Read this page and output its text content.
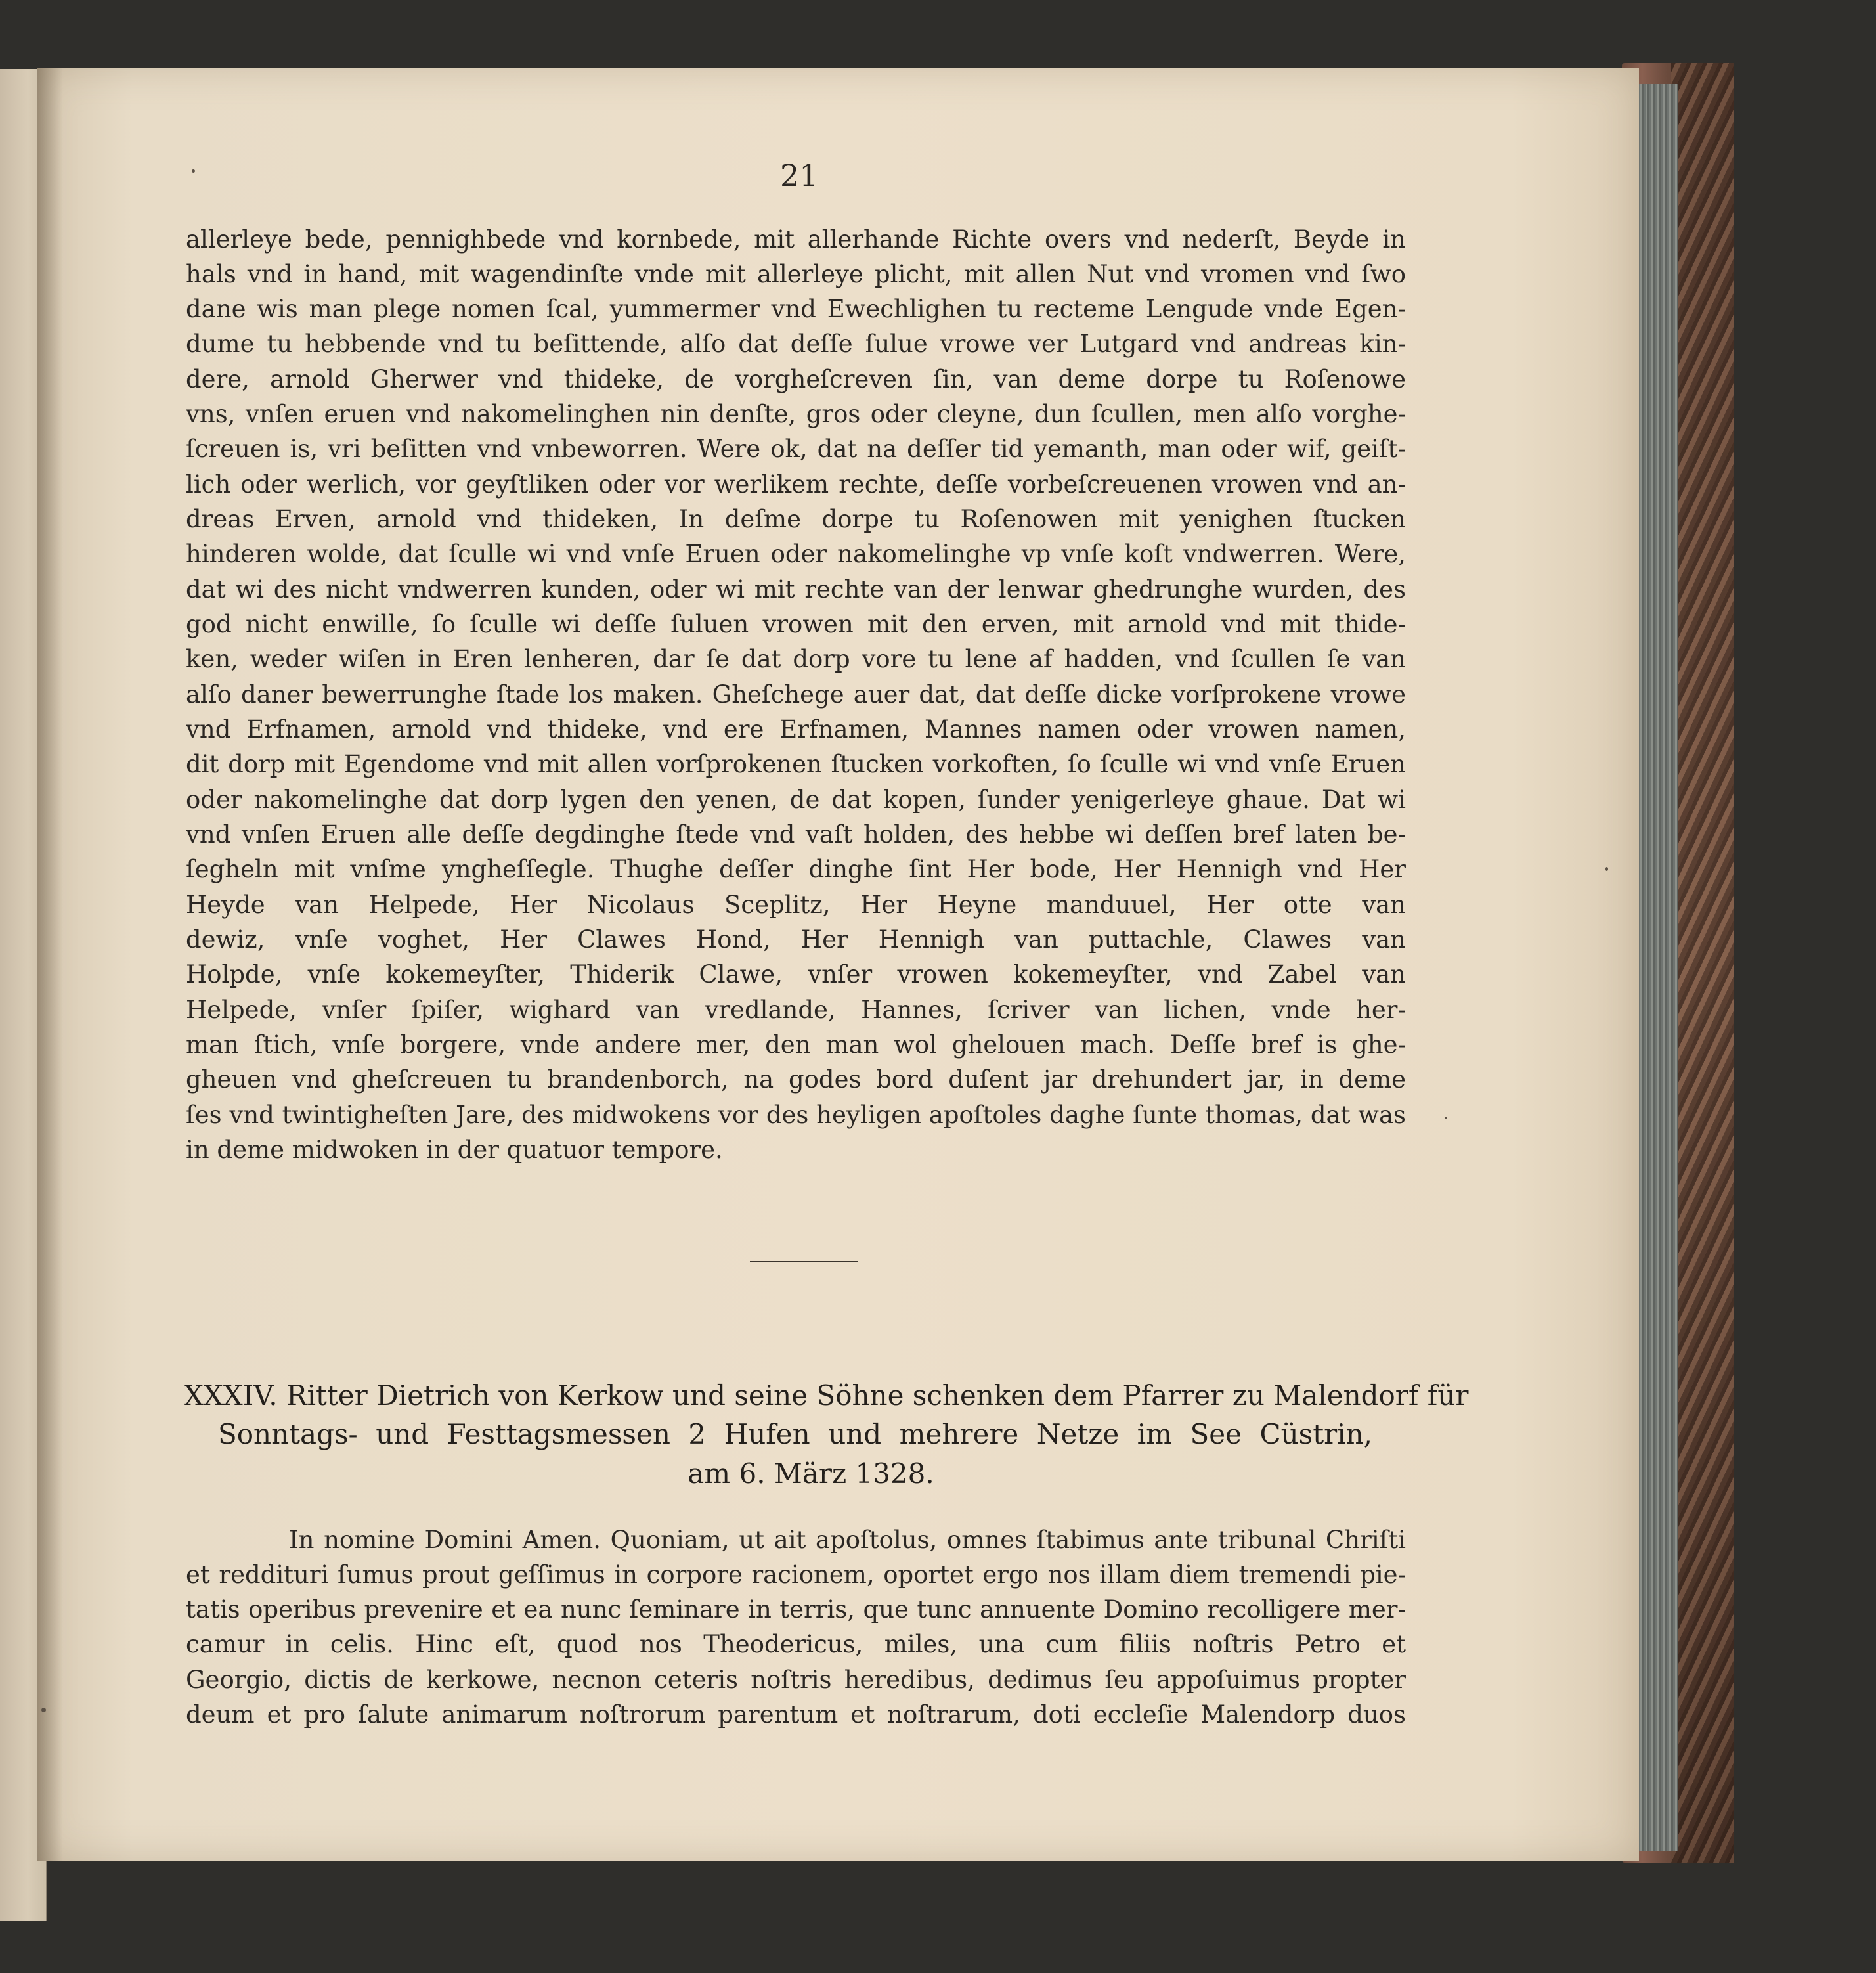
21

allerleye bede, pennighbede vnd kornbede, mit allerhande Richte overs vnd nederſt, Beyde in

hals vnd in hand, mit wagendinſte vnde mit allerleye plicht, mit allen Nut vnd vromen vnd ſwo

dane wis man plege nomen ſcal, yummermer vnd Ewechlighen tu recteme Lengude vnde Egen-

dume tu hebbende vnd tu beſittende, alſo dat deſſe ſulue vrowe ver Lutgard vnd andreas kin-

dere, arnold Gherwer vnd thideke, de vorgheſcreven ſin, van deme dorpe tu Roſenowe

vns, vnſen eruen vnd nakomelinghen nin denſte, gros oder cleyne, dun ſcullen, men alſo vorghe-

ſcreuen is, vri beſitten vnd vnbeworren. Were ok, dat na deſſer tid yemanth, man oder wif, geiſt-

lich oder werlich, vor geyſtliken oder vor werlikem rechte, deſſe vorbeſcreuenen vrowen vnd an-

dreas Erven, arnold vnd thideken, In deſme dorpe tu Roſenowen mit yenighen ſtucken

hinderen wolde, dat ſculle wi vnd vnſe Eruen oder nakomelinghe vp vnſe koſt vndwerren. Were,

dat wi des nicht vndwerren kunden, oder wi mit rechte van der lenwar ghedrunghe wurden, des

god nicht enwille, ſo ſculle wi deſſe ſuluen vrowen mit den erven, mit arnold vnd mit thide-

ken, weder wiſen in Eren lenheren, dar ſe dat dorp vore tu lene af hadden, vnd ſcullen ſe van

alſo daner bewerrunghe ſtade los maken. Gheſchege auer dat, dat deſſe dicke vorſprokene vrowe

vnd Erfnamen, arnold vnd thideke, vnd ere Erfnamen, Mannes namen oder vrowen namen,

dit dorp mit Egendome vnd mit allen vorſprokenen ſtucken vorkoften, ſo ſculle wi vnd vnſe Eruen

oder nakomelinghe dat dorp lygen den yenen, de dat kopen, ſunder yenigerleye ghaue. Dat wi

vnd vnſen Eruen alle deſſe degdinghe ſtede vnd vaſt holden, des hebbe wi deſſen bref laten be-

ſegheln mit vnſme yngheſſegle. Thughe deſſer dinghe ſint Her bode, Her Hennigh vnd Her

Heyde van Helpede, Her Nicolaus Sceplitz, Her Heyne manduuel, Her otte van

dewiz, vnſe voghet, Her Clawes Hond, Her Hennigh van puttachle, Clawes van

Holpde, vnſe kokemeyſter, Thiderik Clawe, vnſer vrowen kokemeyſter, vnd Zabel van

Helpede, vnſer ſpiſer, wighard van vredlande, Hannes, ſcriver van lichen, vnde her-

man ſtich, vnſe borgere, vnde andere mer, den man wol ghelouen mach. Deſſe bref is ghe-

gheuen vnd gheſcreuen tu brandenborch, na godes bord duſent jar drehundert jar, in deme

ſes vnd twintigheſten Jare, des midwokens vor des heyligen apoſtoles daghe ſunte thomas, dat was

in deme midwoken in der quatuor tempore.

XXXIV. Ritter Dietrich von Kerkow und seine Söhne schenken dem Pfarrer zu Malendorf für

Sonntags- und Festtagsmessen 2 Hufen und mehrere Netze im See Cüstrin,

am 6. März 1328.

In nomine Domini Amen. Quoniam, ut ait apoſtolus, omnes ſtabimus ante tribunal Chriſti

et reddituri ſumus prout geſſimus in corpore racionem, oportet ergo nos illam diem tremendi pie-

tatis operibus prevenire et ea nunc ſeminare in terris, que tunc annuente Domino recolligere mer-

camur in celis. Hinc eſt, quod nos Theodericus, miles, una cum filiis noſtris Petro et

Georgio, dictis de kerkowe, necnon ceteris noſtris heredibus, dedimus ſeu appoſuimus propter

deum et pro ſalute animarum noſtrorum parentum et noſtrarum, doti eccleſie Malendorp duos
